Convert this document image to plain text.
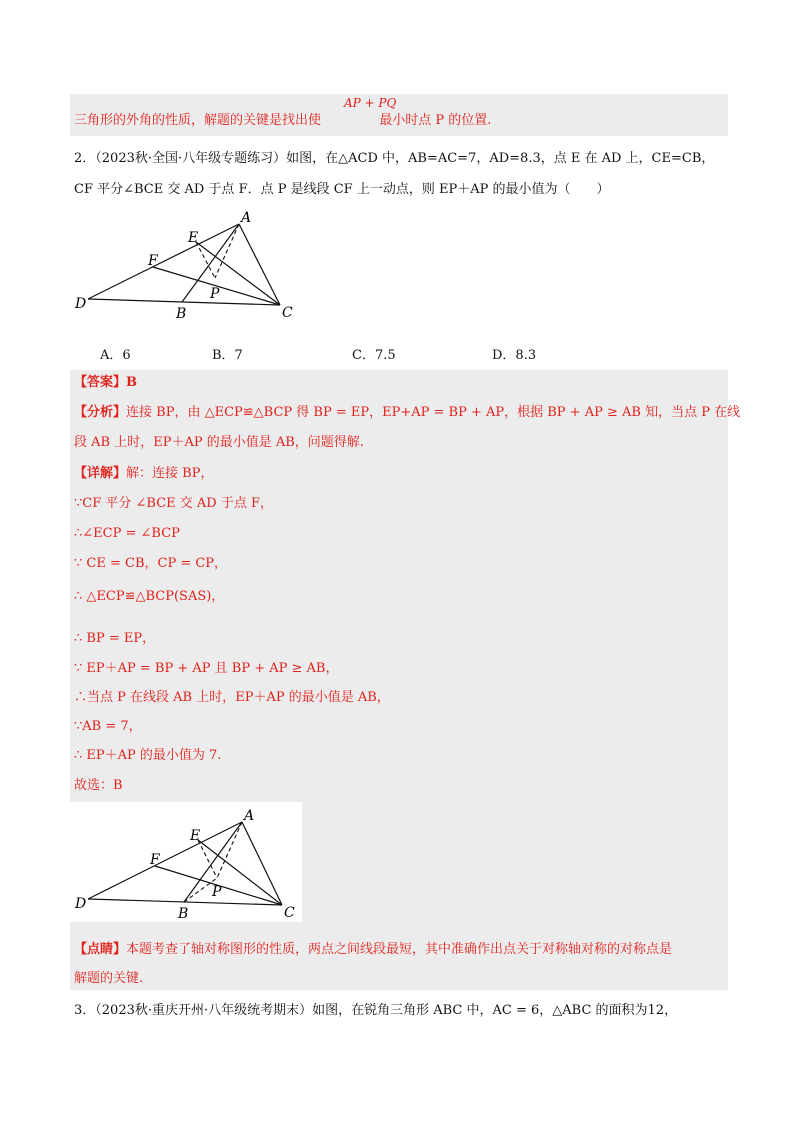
AP + PQ
三角形的外角的性质，解题的关键是找出使	最小时点 P 的位置.
2．（2023秋·全国·八年级专题练习）如图，在△ACD 中，AB=AC=7，AD=8.3，点 E 在 AD 上，CE=CB，
CF 平分∠BCE 交 AD 于点 F．点 P 是线段 CF 上一动点，则 EP＋AP 的最小值为（　　）
A
E
F
P
D
B	C
A．6	B．7	C．7.5	D．8.3
【答案】B
【分析】连接 BP，由 △ECP≌△BCP 得 BP = EP，EP+AP = BP + AP，根据 BP + AP ≥ AB 知，当点 P 在线
段 AB 上时，EP＋AP 的最小值是 AB，问题得解.
【详解】解：连接 BP，
∵CF 平分 ∠BCE 交 AD 于点 F，
∴∠ECP = ∠BCP
∵ CE = CB，CP = CP，
∴ △ECP≌△BCP(SAS)，
∴ BP = EP，
∵ EP＋AP = BP + AP 且 BP + AP ≥ AB，
∴当点 P 在线段 AB 上时，EP＋AP 的最小值是 AB，
∵AB = 7，
∴ EP＋AP 的最小值为 7.
故选：B
A
E
F
P
D
B	C
【点睛】本题考查了轴对称图形的性质，两点之间线段最短，其中准确作出点关于对称轴对称的对称点是
解题的关键.
3．（2023秋·重庆开州·八年级统考期末）如图，在锐角三角形 ABC 中，AC = 6，△ABC 的面积为12，
